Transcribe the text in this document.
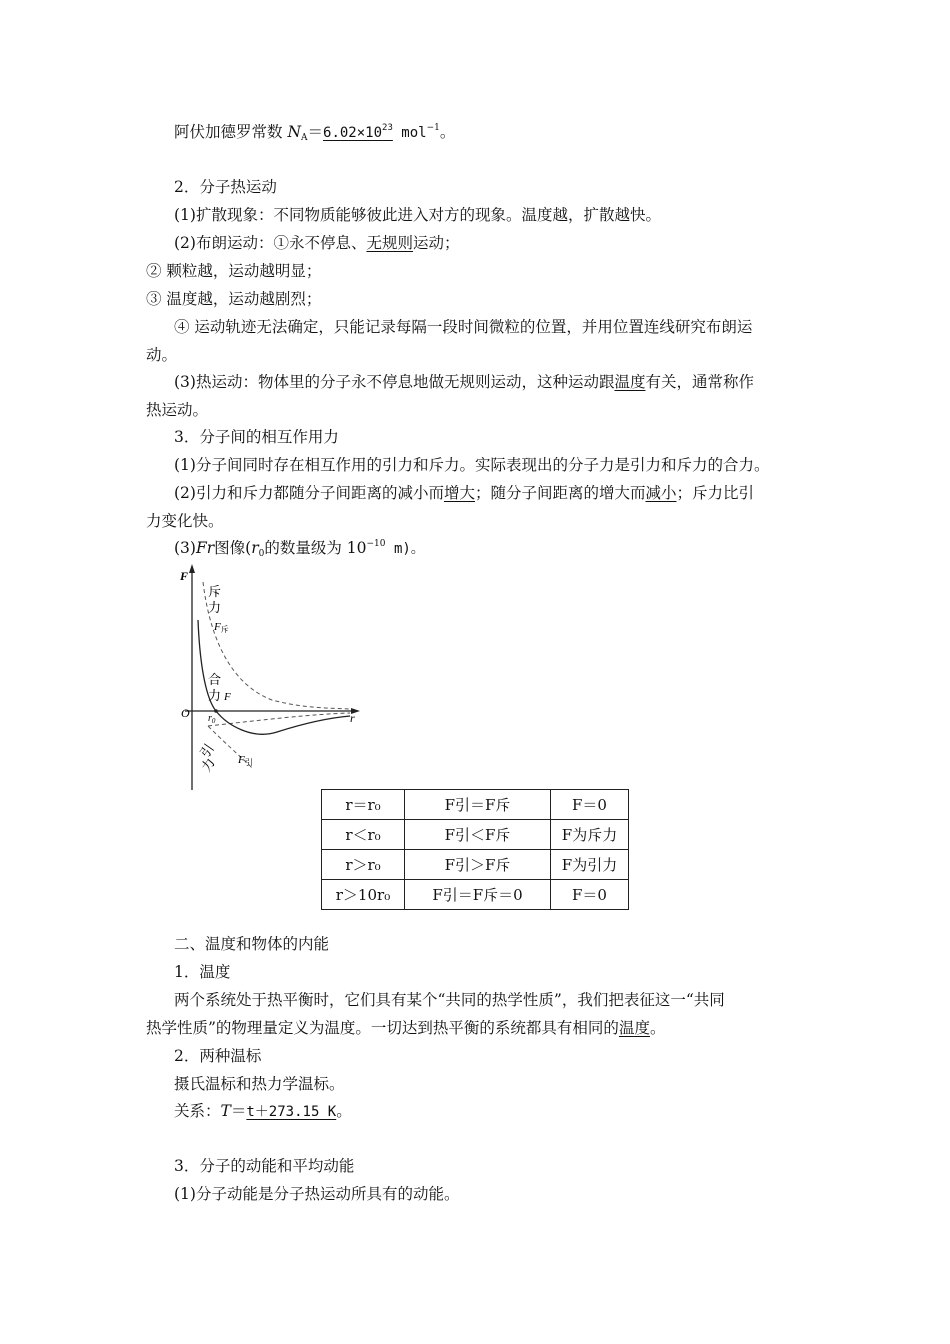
阿伏加德罗常数 $N_A=6.02\times 10^{23}$ mol$^{-1}$。
2．分子热运动
(1)扩散现象：不同物质能够彼此进入对方的现象。温度越，扩散越快。
(2)布朗运动：①永不停息、无规则运动；
② 颗粒越，运动越明显；
③ 温度越，运动越剧烈；
④ 运动轨迹无法确定，只能记录每隔一段时间微粒的位置，并用位置连线研究布朗运
动。
(3)热运动：物体里的分子永不停息地做无规则运动，这种运动跟温度有关，通常称作
热运动。
3．分子间的相互作用力
(1)分子间同时存在相互作用的引力和斥力。实际表现出的分子力是引力和斥力的合力。
(2)引力和斥力都随分子间距离的减小而增大；随分子间距离的增大而减小；斥力比引
力变化快。
(3)Fr图像($r_0$的数量级为 $10^{-10}$ m)。
F
r
O $r_0$
斥
力
F斥
合
力 F
引
力 F引
r＝r₀	F引＝F斥	F＝0
r＜r₀	F引＜F斥	F为斥力
r＞r₀	F引＞F斥	F为引力
r＞10r₀	F引＝F斥＝0	F＝0
二、温度和物体的内能
1．温度
两个系统处于热平衡时，它们具有某个“共同的热学性质”，我们把表征这一“共同
热学性质”的物理量定义为温度。一切达到热平衡的系统都具有相同的温度。
2．两种温标
摄氏温标和热力学温标。
关系：T＝t＋273.15 K。
3．分子的动能和平均动能
(1)分子动能是分子热运动所具有的动能。
